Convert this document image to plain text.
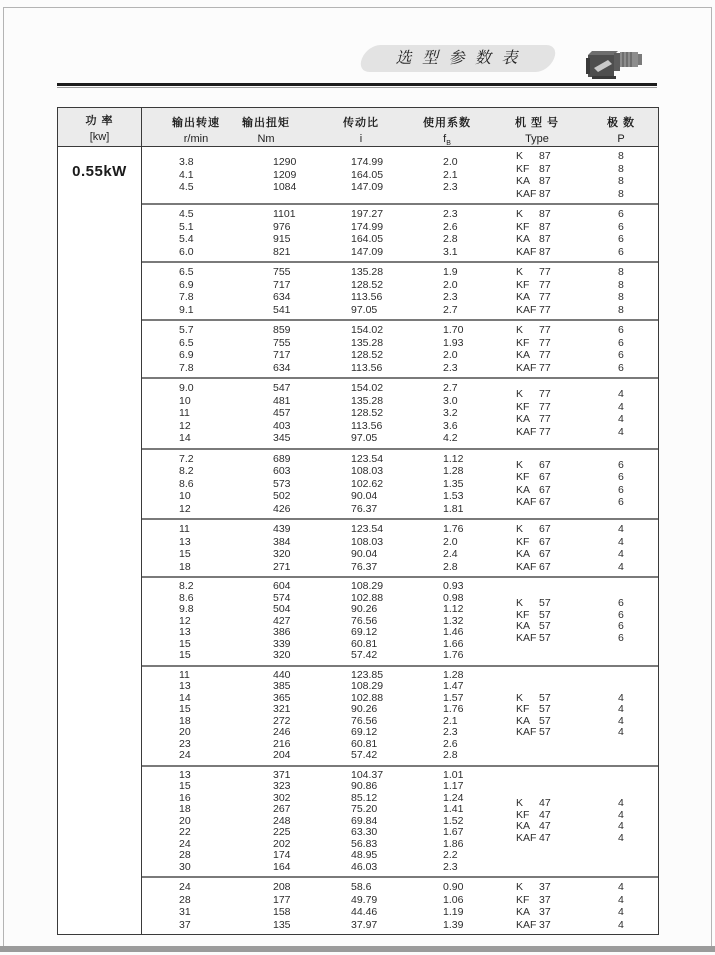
选 型 参 数 表
功 率
[kw]
0.55kW
输出转速
r/min
输出扭矩
Nm
传动比
i
使用系数
$f_B$
机 型 号
Type
极 数
P
3.8
4.1
4.5
1290
1209
1084
174.99
164.05
147.09
2.0
2.1
2.3
K 87
KF 87
KA 87
KAF 87
8
8
8
8
4.5
5.1
5.4
6.0
1101
976
915
821
197.27
174.99
164.05
147.09
2.3
2.6
2.8
3.1
K 87
KF 87
KA 87
KAF 87
6
6
6
6
6.5
6.9
7.8
9.1
755
717
634
541
135.28
128.52
113.56
97.05
1.9
2.0
2.3
2.7
K 77
KF 77
KA 77
KAF 77
8
8
8
8
5.7
6.5
6.9
7.8
859
755
717
634
154.02
135.28
128.52
113.56
1.70
1.93
2.0
2.3
K 77
KF 77
KA 77
KAF 77
6
6
6
6
9.0
10
11
12
14
547
481
457
403
345
154.02
135.28
128.52
113.56
97.05
2.7
3.0
3.2
3.6
4.2
K 77
KF 77
KA 77
KAF 77
4
4
4
4
7.2
8.2
8.6
10
12
689
603
573
502
426
123.54
108.03
102.62
90.04
76.37
1.12
1.28
1.35
1.53
1.81
K 67
KF 67
KA 67
KAF 67
6
6
6
6
11
13
15
18
439
384
320
271
123.54
108.03
90.04
76.37
1.76
2.0
2.4
2.8
K 67
KF 67
KA 67
KAF 67
4
4
4
4
8.2
8.6
9.8
12
13
15
15
604
574
504
427
386
339
320
108.29
102.88
90.26
76.56
69.12
60.81
57.42
0.93
0.98
1.12
1.32
1.46
1.66
1.76
K 57
KF 57
KA 57
KAF 57
6
6
6
6
11
13
14
15
18
20
23
24
440
385
365
321
272
246
216
204
123.85
108.29
102.88
90.26
76.56
69.12
60.81
57.42
1.28
1.47
1.57
1.76
2.1
2.3
2.6
2.8
K 57
KF 57
KA 57
KAF 57
4
4
4
4
13
15
16
18
20
22
24
28
30
371
323
302
267
248
225
202
174
164
104.37
90.86
85.12
75.20
69.84
63.30
56.83
48.95
46.03
1.01
1.17
1.24
1.41
1.52
1.67
1.86
2.2
2.3
K 47
KF 47
KA 47
KAF 47
4
4
4
4
24
28
31
37
208
177
158
135
58.6
49.79
44.46
37.97
0.90
1.06
1.19
1.39
K 37
KF 37
KA 37
KAF 37
4
4
4
4
